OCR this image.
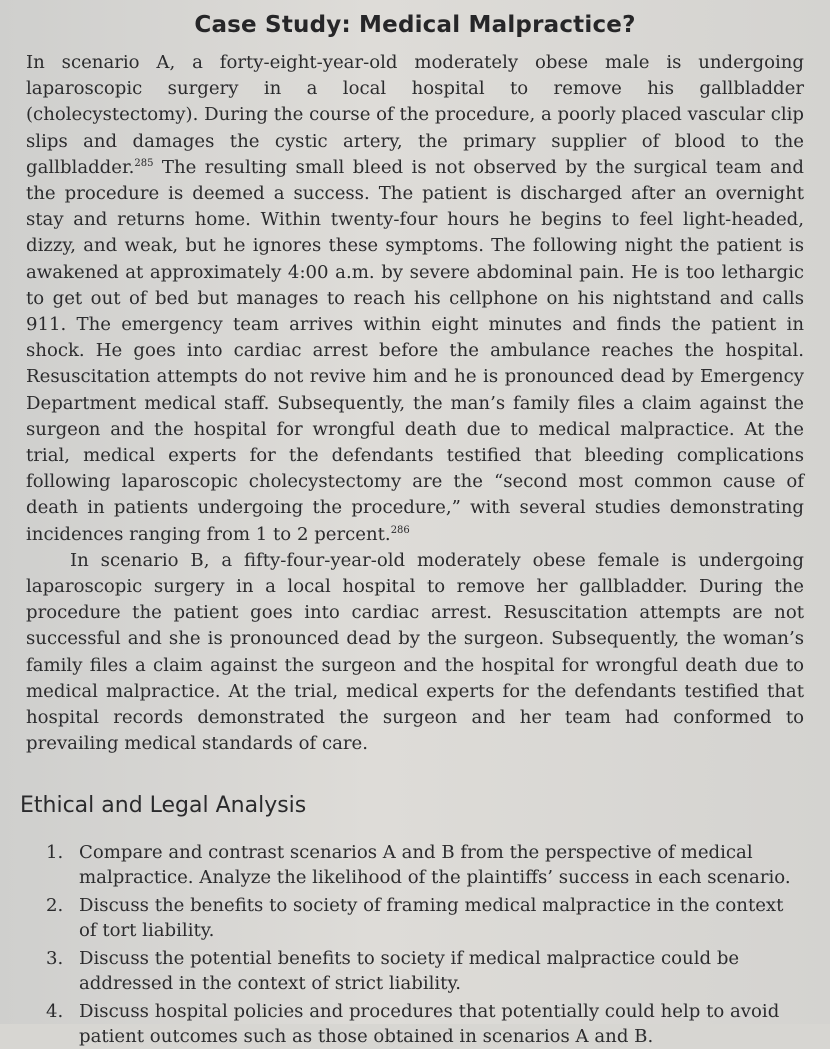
Case Study: Medical Malpractice?

In scenario A, a forty-eight-year-old moderately obese male is undergoing laparoscopic surgery in a local hospital to remove his gallbladder (cholecystectomy). During the course of the procedure, a poorly placed vascular clip slips and damages the cystic artery, the primary supplier of blood to the gallbladder.$^{285}$ The resulting small bleed is not observed by the surgical team and the procedure is deemed a success. The patient is discharged after an overnight stay and returns home. Within twenty-four hours he begins to feel light-headed, dizzy, and weak, but he ignores these symptoms. The following night the patient is awakened at approximately 4:00 a.m. by severe abdominal pain. He is too lethargic to get out of bed but manages to reach his cellphone on his nightstand and calls 911. The emergency team arrives within eight minutes and finds the patient in shock. He goes into cardiac arrest before the ambulance reaches the hospital. Resuscitation attempts do not revive him and he is pronounced dead by Emergency Department medical staff. Subsequently, the man’s family files a claim against the surgeon and the hospital for wrongful death due to medical malpractice. At the trial, medical experts for the defendants testified that bleeding complications following laparoscopic cholecystectomy are the “second most common cause of death in patients undergoing the procedure,” with several studies demonstrating incidences ranging from 1 to 2 percent.$^{286}$

In scenario B, a fifty-four-year-old moderately obese female is undergoing laparoscopic surgery in a local hospital to remove her gallbladder. During the procedure the patient goes into cardiac arrest. Resuscitation attempts are not successful and she is pronounced dead by the surgeon. Subsequently, the woman’s family files a claim against the surgeon and the hospital for wrongful death due to medical malpractice. At the trial, medical experts for the defendants testified that hospital records demonstrated the surgeon and her team had conformed to prevailing medical standards of care.

Ethical and Legal Analysis
1. Compare and contrast scenarios A and B from the perspective of medical malpractice. Analyze the likelihood of the plaintiffs’ success in each scenario.
2. Discuss the benefits to society of framing medical malpractice in the context of tort liability.
3. Discuss the potential benefits to society if medical malpractice could be addressed in the context of strict liability.
4. Discuss hospital policies and procedures that potentially could help to avoid patient outcomes such as those obtained in scenarios A and B.
